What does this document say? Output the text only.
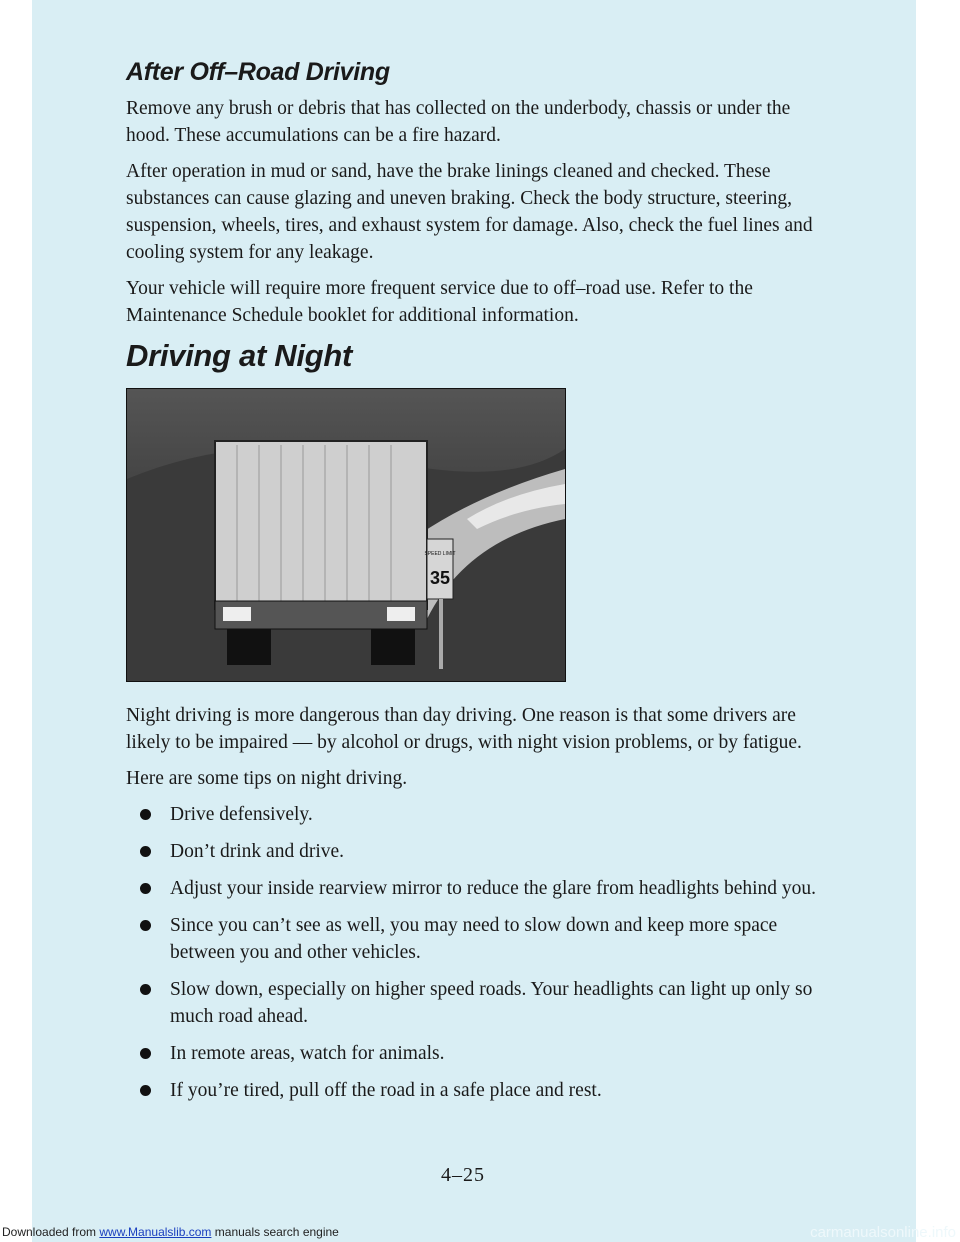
After Off–Road Driving

Remove any brush or debris that has collected on the underbody, chassis or under the hood. These accumulations can be a fire hazard.

After operation in mud or sand, have the brake linings cleaned and checked. These substances can cause glazing and uneven braking. Check the body structure, steering, suspension, wheels, tires, and exhaust system for damage. Also, check the fuel lines and cooling system for any leakage.

Your vehicle will require more frequent service due to off–road use. Refer to the Maintenance Schedule booklet for additional information.

Driving at Night
SPEED LIMIT
35

Night driving is more dangerous than day driving. One reason is that some drivers are likely to be impaired — by alcohol or drugs, with night vision problems, or by fatigue.

Here are some tips on night driving.

Drive defensively.
Don’t drink and drive.
Adjust your inside rearview mirror to reduce the glare from headlights behind you.
Since you can’t see as well, you may need to slow down and keep more space between you and other vehicles.
Slow down, especially on higher speed roads. Your headlights can light up only so much road ahead.
In remote areas, watch for animals.
If you’re tired, pull off the road in a safe place and rest.
4–25
Downloaded from www.Manualslib.com manuals search engine	carmanualsonline.info
